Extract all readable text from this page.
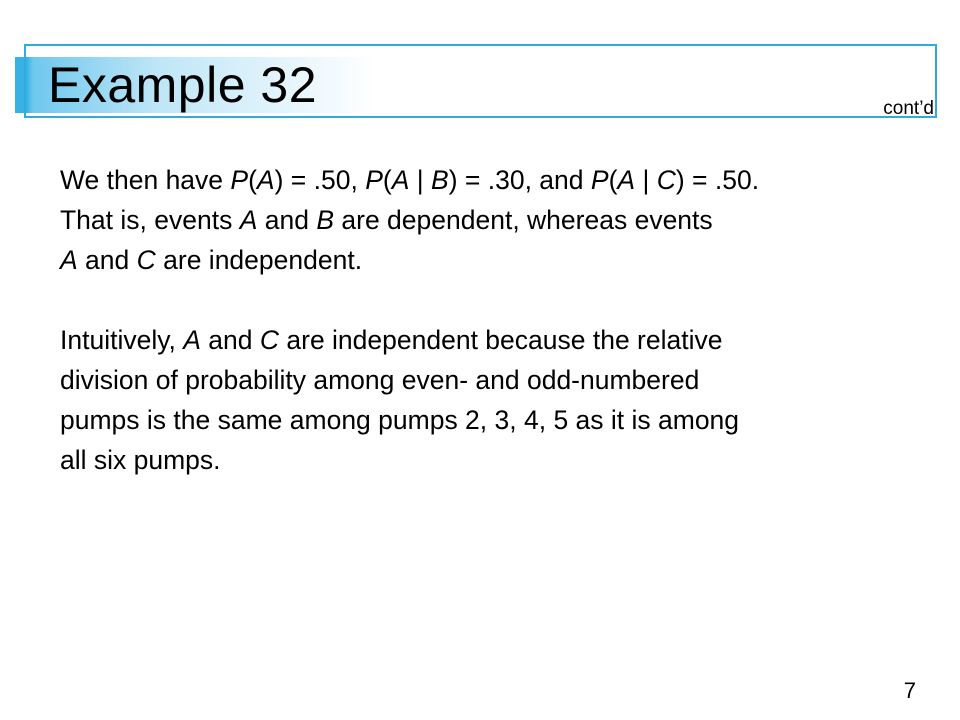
Example 32	cont’d

We then have P(A) = .50, P(A | B) = .30, and P(A | C) = .50.
That is, events A and B are dependent, whereas events
A and C are independent.

Intuitively, A and C are independent because the relative
division of probability among even- and odd-numbered
pumps is the same among pumps 2, 3, 4, 5 as it is among
all six pumps.

7
